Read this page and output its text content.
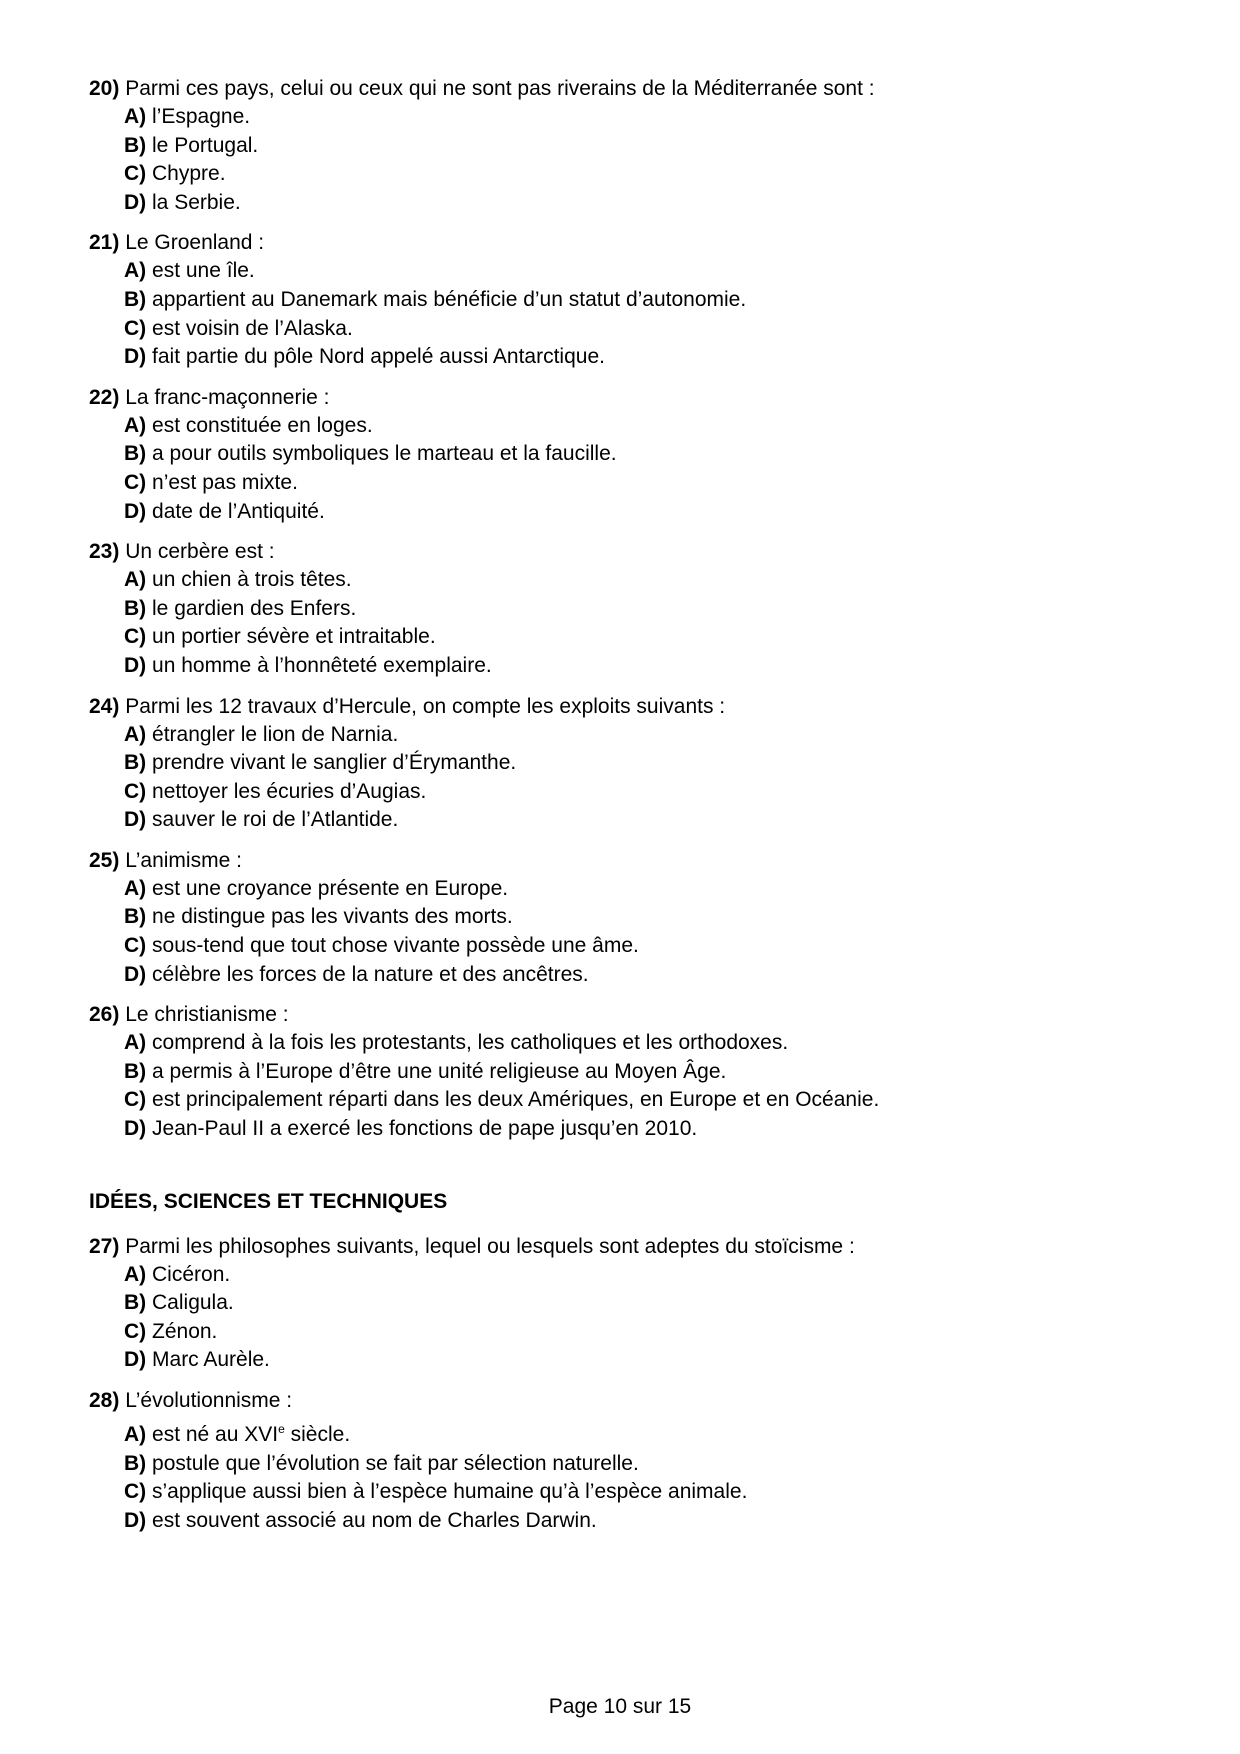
20) Parmi ces pays, celui ou ceux qui ne sont pas riverains de la Méditerranée sont :
A) l’Espagne.
B) le Portugal.
C) Chypre.
D) la Serbie.
21) Le Groenland :
A) est une île.
B) appartient au Danemark mais bénéficie d’un statut d’autonomie.
C) est voisin de l’Alaska.
D) fait partie du pôle Nord appelé aussi Antarctique.
22) La franc-maçonnerie :
A) est constituée en loges.
B) a pour outils symboliques le marteau et la faucille.
C) n’est pas mixte.
D) date de l’Antiquité.
23) Un cerbère est :
A) un chien à trois têtes.
B) le gardien des Enfers.
C) un portier sévère et intraitable.
D) un homme à l’honnêteté exemplaire.
24) Parmi les 12 travaux d’Hercule, on compte les exploits suivants :
A) étrangler le lion de Narnia.
B) prendre vivant le sanglier d’Érymanthe.
C) nettoyer les écuries d’Augias.
D) sauver le roi de l’Atlantide.
25) L’animisme :
A) est une croyance présente en Europe.
B) ne distingue pas les vivants des morts.
C) sous-tend que tout chose vivante possède une âme.
D) célèbre les forces de la nature et des ancêtres.
26) Le christianisme :
A) comprend à la fois les protestants, les catholiques et les orthodoxes.
B) a permis à l’Europe d’être une unité religieuse au Moyen Âge.
C) est principalement réparti dans les deux Amériques, en Europe et en Océanie.
D) Jean-Paul II a exercé les fonctions de pape jusqu’en 2010.
IDÉES, SCIENCES ET TECHNIQUES
27) Parmi les philosophes suivants, lequel ou lesquels sont adeptes du stoïcisme :
A) Cicéron.
B) Caligula.
C) Zénon.
D) Marc Aurèle.
28) L’évolutionnisme :
A) est né au XVIe siècle.
B) postule que l’évolution se fait par sélection naturelle.
C) s’applique aussi bien à l’espèce humaine qu’à l’espèce animale.
D) est souvent associé au nom de Charles Darwin.
Page 10 sur 15
